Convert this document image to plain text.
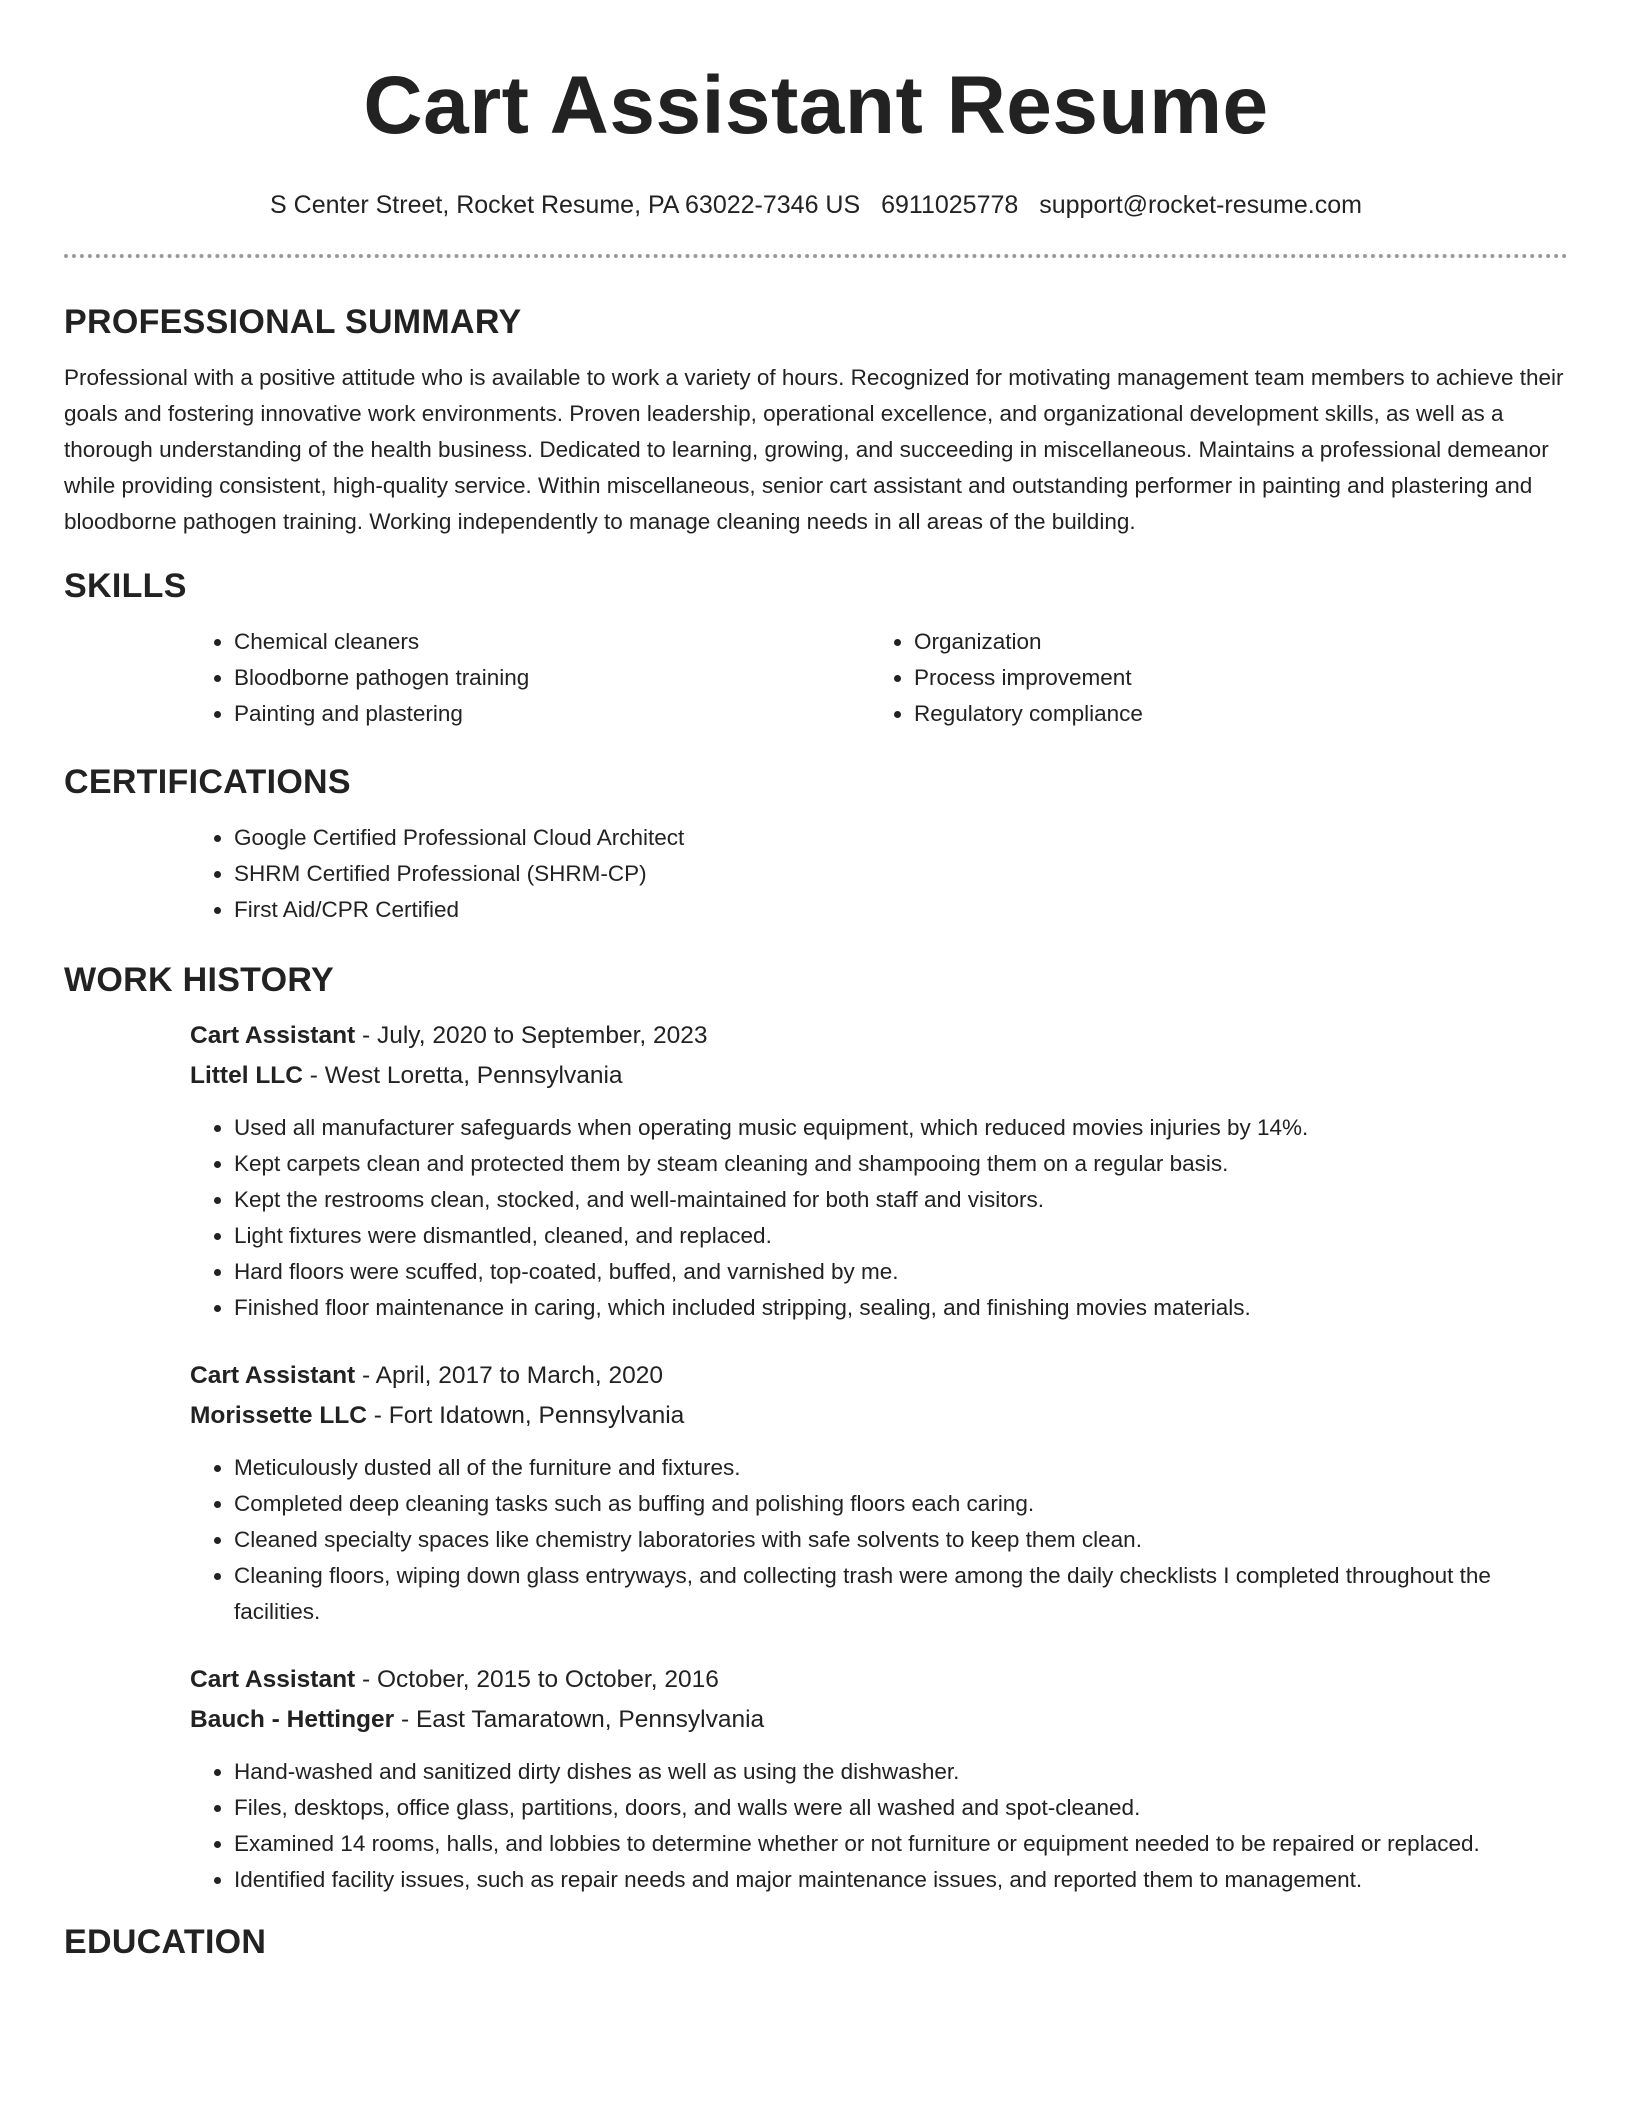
Cart Assistant Resume
S Center Street, Rocket Resume, PA 63022-7346 US 6911025778 support@rocket-resume.com
PROFESSIONAL SUMMARY

Professional with a positive attitude who is available to work a variety of hours. Recognized for motivating management team members to achieve their goals and fostering innovative work environments. Proven leadership, operational excellence, and organizational development skills, as well as a thorough understanding of the health business. Dedicated to learning, growing, and succeeding in miscellaneous. Maintains a professional demeanor while providing consistent, high-quality service. Within miscellaneous, senior cart assistant and outstanding performer in painting and plastering and bloodborne pathogen training. Working independently to manage cleaning needs in all areas of the building.

SKILLS
• Chemical cleaners
• Bloodborne pathogen training
• Painting and plastering
• Organization
• Process improvement
• Regulatory compliance
CERTIFICATIONS
• Google Certified Professional Cloud Architect
• SHRM Certified Professional (SHRM-CP)
• First Aid/CPR Certified
WORK HISTORY
Cart Assistant - July, 2020 to September, 2023
Littel LLC - West Loretta, Pennsylvania
• Used all manufacturer safeguards when operating music equipment, which reduced movies injuries by 14%.
• Kept carpets clean and protected them by steam cleaning and shampooing them on a regular basis.
• Kept the restrooms clean, stocked, and well-maintained for both staff and visitors.
• Light fixtures were dismantled, cleaned, and replaced.
• Hard floors were scuffed, top-coated, buffed, and varnished by me.
• Finished floor maintenance in caring, which included stripping, sealing, and finishing movies materials.
Cart Assistant - April, 2017 to March, 2020
Morissette LLC - Fort Idatown, Pennsylvania
• Meticulously dusted all of the furniture and fixtures.
• Completed deep cleaning tasks such as buffing and polishing floors each caring.
• Cleaned specialty spaces like chemistry laboratories with safe solvents to keep them clean.
• Cleaning floors, wiping down glass entryways, and collecting trash were among the daily checklists I completed throughout the facilities.
Cart Assistant - October, 2015 to October, 2016
Bauch - Hettinger - East Tamaratown, Pennsylvania
• Hand-washed and sanitized dirty dishes as well as using the dishwasher.
• Files, desktops, office glass, partitions, doors, and walls were all washed and spot-cleaned.
• Examined 14 rooms, halls, and lobbies to determine whether or not furniture or equipment needed to be repaired or replaced.
• Identified facility issues, such as repair needs and major maintenance issues, and reported them to management.
EDUCATION
